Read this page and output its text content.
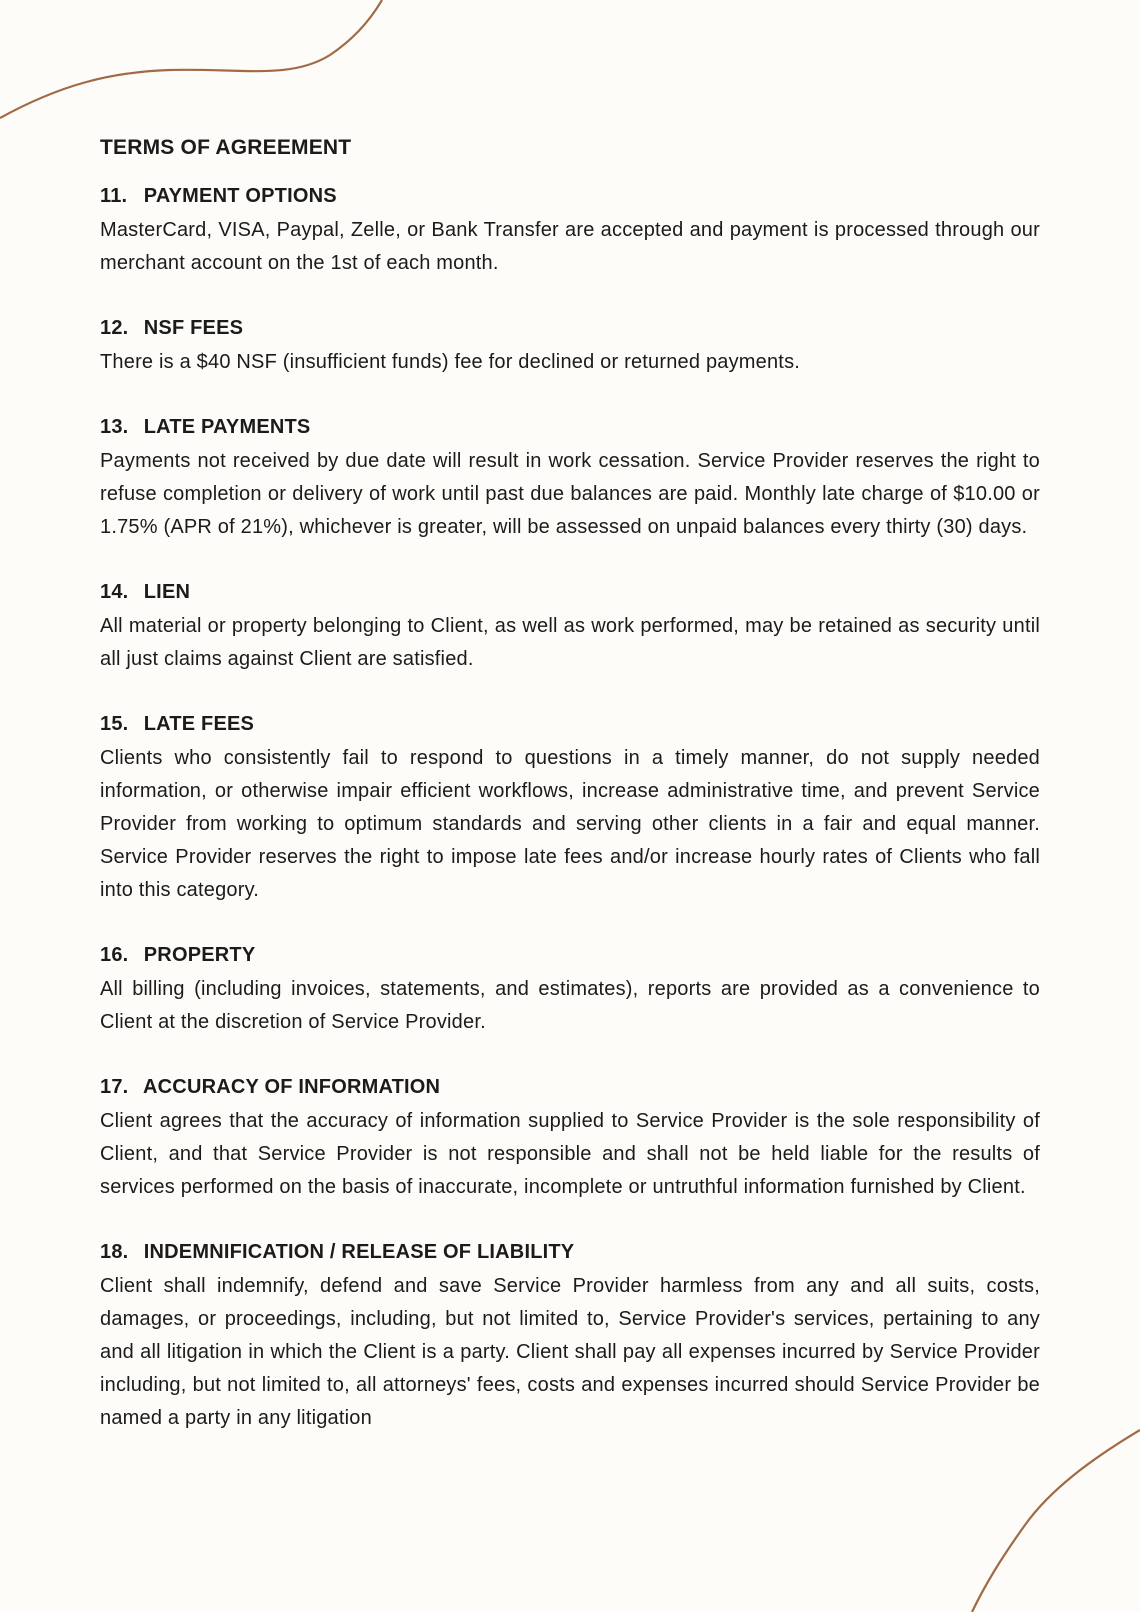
TERMS OF AGREEMENT
11. PAYMENT OPTIONS

MasterCard, VISA, Paypal, Zelle, or Bank Transfer are accepted and payment is processed through our merchant account on the 1st of each month.

12. NSF FEES

There is a $40 NSF (insufficient funds) fee for declined or returned payments.

13. LATE PAYMENTS

Payments not received by due date will result in work cessation. Service Provider reserves the right to refuse completion or delivery of work until past due balances are paid. Monthly late charge of $10.00 or 1.75% (APR of 21%), whichever is greater, will be assessed on unpaid balances every thirty (30) days.

14. LIEN

All material or property belonging to Client, as well as work performed, may be retained as security until all just claims against Client are satisfied.

15. LATE FEES

Clients who consistently fail to respond to questions in a timely manner, do not supply needed information, or otherwise impair efficient workflows, increase administrative time, and prevent Service Provider from working to optimum standards and serving other clients in a fair and equal manner. Service Provider reserves the right to impose late fees and/or increase hourly rates of Clients who fall into this category.

16. PROPERTY

All billing (including invoices, statements, and estimates), reports are provided as a convenience to Client at the discretion of Service Provider.

17. ACCURACY OF INFORMATION

Client agrees that the accuracy of information supplied to Service Provider is the sole responsibility of Client, and that Service Provider is not responsible and shall not be held liable for the results of services performed on the basis of inaccurate, incomplete or untruthful information furnished by Client.

18. INDEMNIFICATION / RELEASE OF LIABILITY

Client shall indemnify, defend and save Service Provider harmless from any and all suits, costs, damages, or proceedings, including, but not limited to, Service Provider's services, pertaining to any and all litigation in which the Client is a party. Client shall pay all expenses incurred by Service Provider including, but not limited to, all attorneys' fees, costs and expenses incurred should Service Provider be named a party in any litigation
